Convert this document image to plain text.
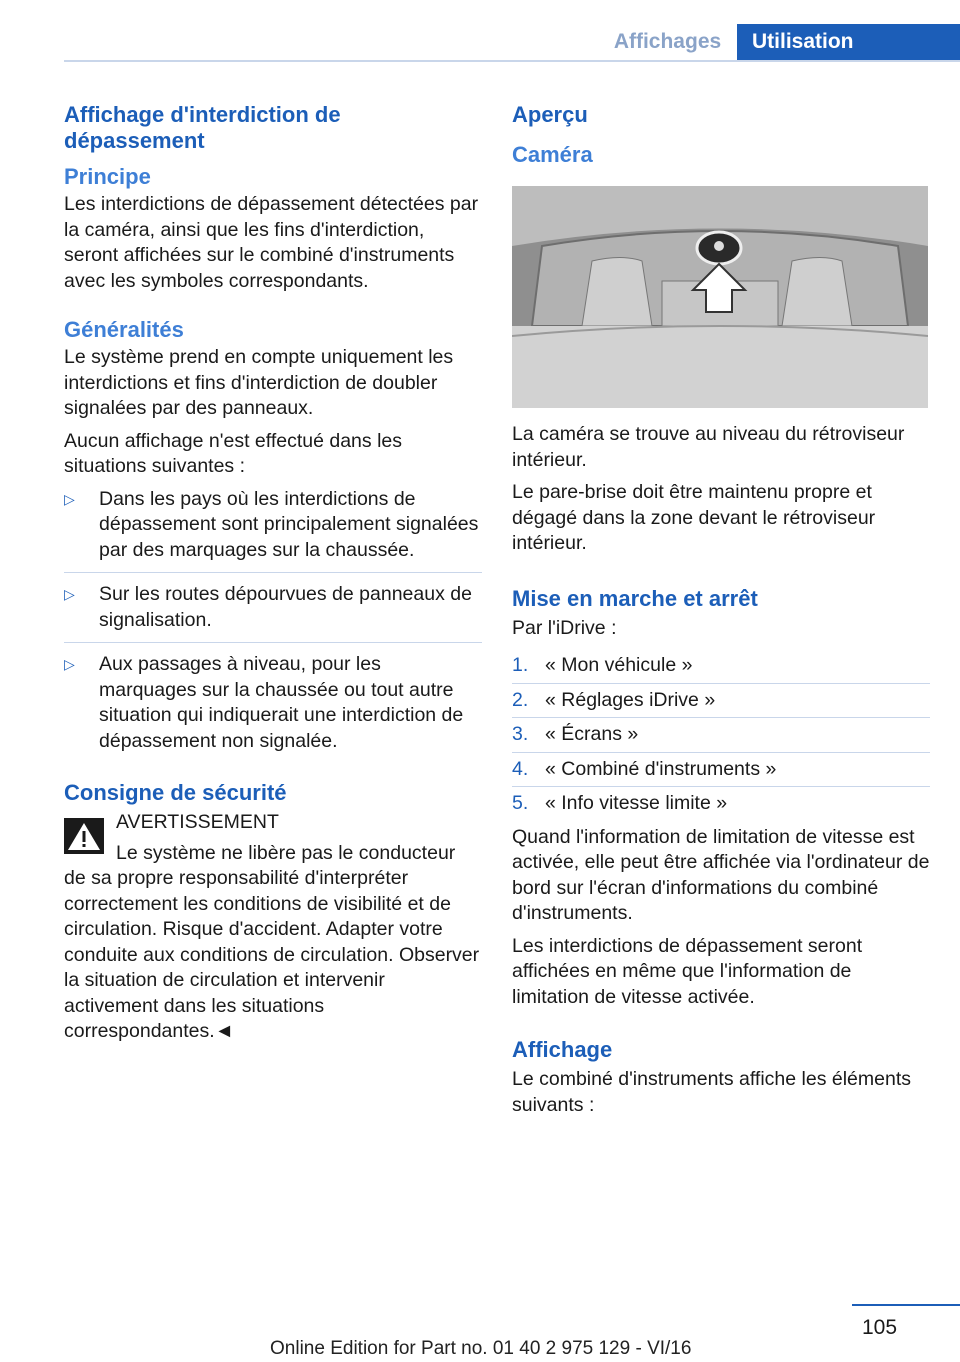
Affichages	Utilisation
Affichage d'interdiction de dépassement
Principe

Les interdictions de dépassement détectées par la caméra, ainsi que les fins d'interdiction, seront affichées sur le combiné d'instruments avec les symboles correspondants.

Généralités

Le système prend en compte uniquement les interdictions et fins d'interdiction de doubler signalées par des panneaux.

Aucun affichage n'est effectué dans les situations suivantes :

▷ Dans les pays où les interdictions de dépassement sont principalement signalées par des marquages sur la chaussée.
▷ Sur les routes dépourvues de panneaux de signalisation.
▷ Aux passages à niveau, pour les marquages sur la chaussée ou tout autre situation qui indiquerait une interdiction de dépassement non signalée.
Consigne de sécurité
AVERTISSEMENT

Le système ne libère pas le conducteur de sa propre responsabilité d'interpréter correctement les conditions de visibilité et de circulation. Risque d'accident. Adapter votre conduite aux conditions de circulation. Observer la situation de circulation et intervenir activement dans les situations correspondantes.◄

Aperçu
Caméra

La caméra se trouve au niveau du rétroviseur intérieur.

Le pare-brise doit être maintenu propre et dégagé dans la zone devant le rétroviseur intérieur.

Mise en marche et arrêt

Par l'iDrive :

1. « Mon véhicule »
2. « Réglages iDrive »
3. « Écrans »
4. « Combiné d'instruments »
5. « Info vitesse limite »

Quand l'information de limitation de vitesse est activée, elle peut être affichée via l'ordinateur de bord sur l'écran d'informations du combiné d'instruments.

Les interdictions de dépassement seront affichées en même que l'information de limitation de vitesse activée.

Affichage

Le combiné d'instruments affiche les éléments suivants :

105
Online Edition for Part no. 01 40 2 975 129 - VI/16
